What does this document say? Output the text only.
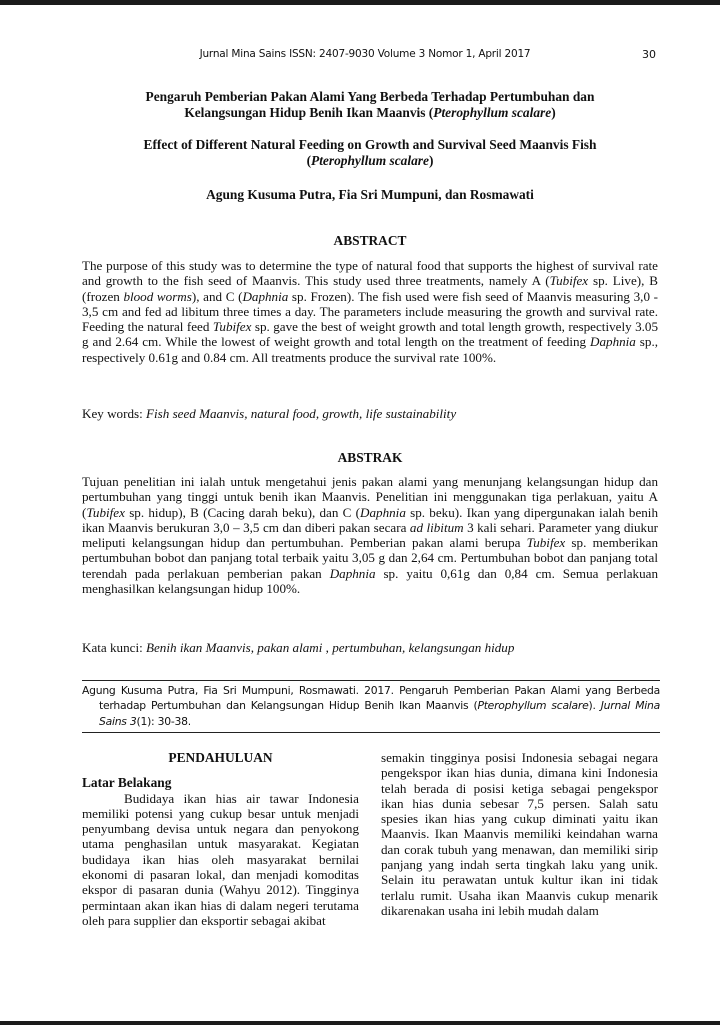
Jurnal Mina Sains ISSN: 2407-9030 Volume 3 Nomor 1, April 2017	30
Pengaruh Pemberian Pakan Alami Yang Berbeda Terhadap Pertumbuhan dan
Kelangsungan Hidup Benih Ikan Maanvis (Pterophyllum scalare)
Effect of Different Natural Feeding on Growth and Survival Seed Maanvis Fish
(Pterophyllum scalare)
Agung Kusuma Putra, Fia Sri Mumpuni, dan Rosmawati
ABSTRACT
The purpose of this study was to determine the type of natural food that supports the highest of survival rate and growth to the fish seed of Maanvis. This study used three treatments, namely A (Tubifex sp. Live), B (frozen blood worms), and C (Daphnia sp. Frozen). The fish used were fish seed of Maanvis measuring 3,0 - 3,5 cm and fed ad libitum three times a day. The parameters include measuring the growth and survival rate. Feeding the natural feed Tubifex sp. gave the best of weight growth and total length growth, respectively 3.05 g and 2.64 cm. While the lowest of weight growth and total length on the treatment of feeding Daphnia sp., respectively 0.61g and 0.84 cm. All treatments produce the survival rate 100%.
Key words: Fish seed Maanvis, natural food, growth, life sustainability
ABSTRAK
Tujuan penelitian ini ialah untuk mengetahui jenis pakan alami yang menunjang kelangsungan hidup dan pertumbuhan yang tinggi untuk benih ikan Maanvis. Penelitian ini menggunakan tiga perlakuan, yaitu A (Tubifex sp. hidup), B (Cacing darah beku), dan C (Daphnia sp. beku). Ikan yang dipergunakan ialah benih ikan Maanvis berukuran 3,0 – 3,5 cm dan diberi pakan secara ad libitum 3 kali sehari. Parameter yang diukur meliputi kelangsungan hidup dan pertumbuhan. Pemberian pakan alami berupa Tubifex sp. memberikan pertumbuhan bobot dan panjang total terbaik yaitu 3,05 g dan 2,64 cm. Pertumbuhan bobot dan panjang total terendah pada perlakuan pemberian pakan Daphnia sp. yaitu 0,61g dan 0,84 cm. Semua perlakuan menghasilkan kelangsungan hidup 100%.
Kata kunci: Benih ikan Maanvis, pakan alami , pertumbuhan, kelangsungan hidup
Agung Kusuma Putra, Fia Sri Mumpuni, Rosmawati. 2017. Pengaruh Pemberian Pakan Alami yang Berbeda terhadap Pertumbuhan dan Kelangsungan Hidup Benih Ikan Maanvis (Pterophyllum scalare). Jurnal Mina Sains 3(1): 30-38.

PENDAHULUAN

Latar Belakang

Budidaya ikan hias air tawar Indonesia memiliki potensi yang cukup besar untuk menjadi penyumbang devisa untuk negara dan penyokong utama penghasilan untuk masyarakat. Kegiatan budidaya ikan hias oleh masyarakat bernilai ekonomi di pasaran lokal, dan menjadi komoditas ekspor di pasaran dunia (Wahyu 2012). Tingginya permintaan akan ikan hias di dalam negeri terutama oleh para supplier dan eksportir sebagai akibat

semakin tingginya posisi Indonesia sebagai negara pengekspor ikan hias dunia, dimana kini Indonesia telah berada di posisi ketiga sebagai pengekspor ikan hias dunia sebesar 7,5 persen. Salah satu spesies ikan hias yang cukup diminati yaitu ikan Maanvis. Ikan Maanvis memiliki keindahan warna dan corak tubuh yang menawan, dan memiliki sirip panjang yang indah serta tingkah laku yang unik. Selain itu perawatan untuk kultur ikan ini tidak terlalu rumit. Usaha ikan Maanvis cukup menarik dikarenakan usaha ini lebih mudah dalam
